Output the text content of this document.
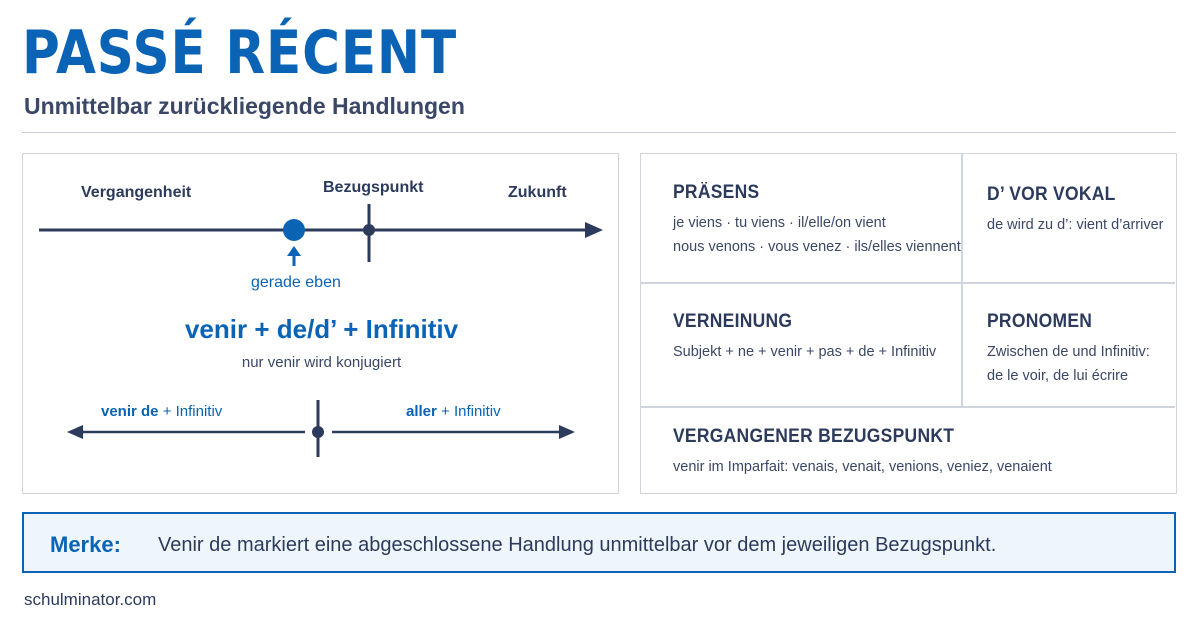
PASSÉ RÉCENT
Unmittelbar zurückliegende Handlungen
Vergangenheit	Bezugspunkt	Zukunft
gerade eben
venir + de/d’ + Infinitiv
nur venir wird konjugiert
venir de + Infinitiv	aller + Infinitiv
PRÄSENS
je viens · tu viens · il/elle/on vient
nous venons · vous venez · ils/elles viennent
D’ VOR VOKAL
de wird zu d’: vient d’arriver
VERNEINUNG
Subjekt + ne + venir + pas + de + Infinitiv
PRONOMEN
Zwischen de und Infinitiv:
de le voir, de lui écrire
VERGANGENER BEZUGSPUNKT
venir im Imparfait: venais, venait, venions, veniez, venaient
Merke: Venir de markiert eine abgeschlossene Handlung unmittelbar vor dem jeweiligen Bezugspunkt.
schulminator.com
